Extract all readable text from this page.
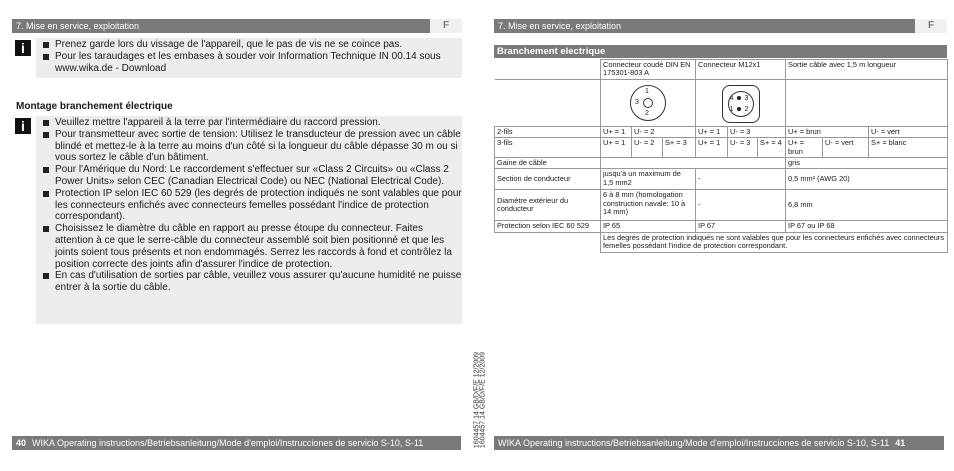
7. Mise en service, exploitation	F
i	Prenez garde lors du vissage de l'appareil, que le pas de vis ne se coince pas.
Pour les taraudages et les embases à souder voir Information Technique IN 00.14 sous www.wika.de - Download
Montage branchement électrique
i	Veuillez mettre l'appareil à la terre par l'intermédiaire du raccord pression.
Pour transmetteur avec sortie de tension: Utilisez le transducteur de pression avec un câble blindé et mettez-le à la terre au moins d'un côté si la longueur du câble dépasse 30 m ou si vous sortez le câble d'un bâtiment.
Pour l'Amérique du Nord: Le raccordement s'effectuer sur «Class 2 Circuits» ou «Class 2 Power Units» selon CEC (Canadian Electrical Code) ou NEC (National Electrical Code).
Protection IP selon IEC 60 529 (les degrés de protection indiqués ne sont valables que pour les connecteurs enfichés avec connecteurs femelles possédant l'indice de protection correspondant).
Choisissez le diamètre du câble en rapport au presse étoupe du connecteur. Faites attention à ce que le serre-câble du connecteur assemblé soit bien positionné et que les joints soient tous présents et non endommagés. Serrez les raccords à fond et contrôlez la position correcte des joints afin d'assurer l'indice de protection.
En cas d'utilisation de sorties par câble, veuillez vous assurer qu'aucune humidité ne puisse entrer à la sortie du câble.
40 WIKA Operating instructions/Betriebsanleitung/Mode d'emploi/Instrucciones de servicio S-10, S-11	1604457.14 GB/D/F/E 12/2009 1604457.14 GB/D/F/E 12/2009
7. Mise en service, exploitation	F
Branchement electrique
	Connecteur coudé DIN EN 175301-803 A			Connecteur M12x1			Sortie câble avec 1,5 m longueur		

	1
3
2			4 3
1 2					

2-fils	U+ = 1	U- = 2		U+ = 1	U- = 3		U+ = brun		U- = vert
3-fils	U+ = 1	U- = 2	S+ = 3	U+ = 1	U- = 3	S+ = 4	U+ = brun	U- = vert	S+ = blanc
Gaine de câble							gris		
Section de conducteur	jusqu'à un maximum de 1,5 mm2			-			0,5 mm² (AWG 20)		
Diamètre extérieur du conducteur	6 à 8 mm (homologation construction navale: 10 à 14 mm)			-			6,8 mm		
Protection selon IEC 60 529	IP 65			IP 67			IP 67 ou IP 68		
	Les degrés de protection indiqués ne sont valables que pour les connecteurs enfichés avec connecteurs femelles possédant l'indice de protection correspondant.								
WIKA Operating instructions/Betriebsanleitung/Mode d'emploi/Instrucciones de servicio S-10, S-11 41
